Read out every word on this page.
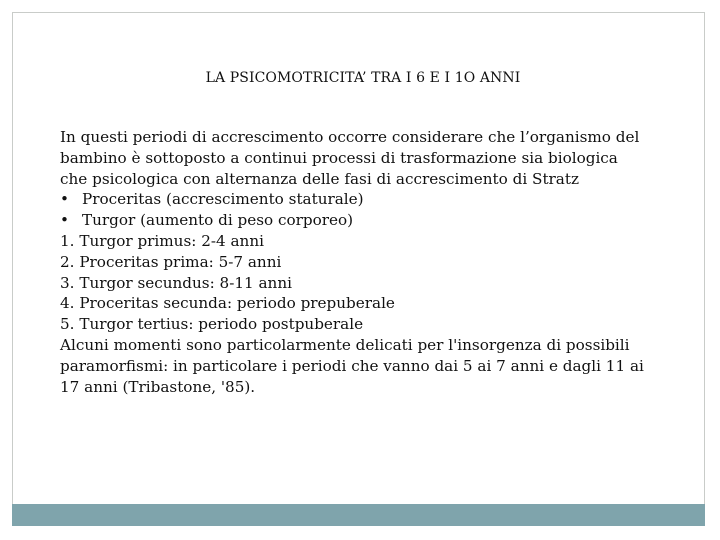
LA PSICOMOTRICITA’ TRA I 6 E I 1O ANNI
In questi periodi di accrescimento occorre considerare che l’organismo del
bambino è sottoposto a continui processi di trasformazione sia biologica
che psicologica con alternanza delle fasi di accrescimento di Stratz
• Proceritas (accrescimento staturale)
• Turgor (aumento di peso corporeo)
1. Turgor primus: 2-4 anni
2. Proceritas prima: 5-7 anni
3. Turgor secundus: 8-11 anni
4. Proceritas secunda: periodo prepuberale
5. Turgor tertius: periodo postpuberale
Alcuni momenti sono particolarmente delicati per l'insorgenza di possibili
paramorfismi: in particolare i periodi che vanno dai 5 ai 7 anni e dagli 11 ai
17 anni (Tribastone, '85).
